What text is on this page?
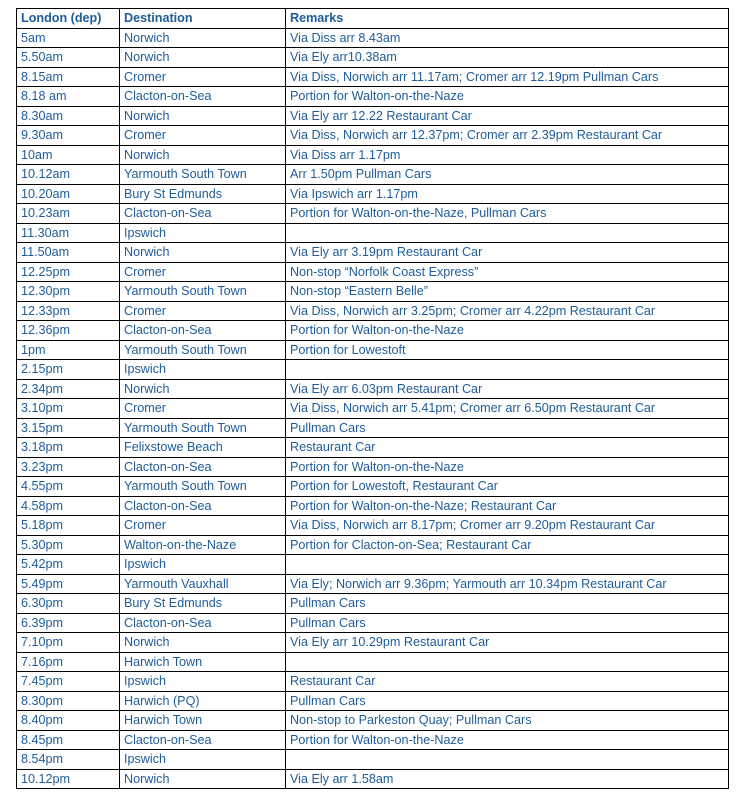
London (dep)	Destination	Remarks
5am	Norwich	Via Diss arr 8.43am
5.50am	Norwich	Via Ely arr10.38am
8.15am	Cromer	Via Diss, Norwich arr 11.17am; Cromer arr 12.19pm Pullman Cars
8.18 am	Clacton-on-Sea	Portion for Walton-on-the-Naze
8.30am	Norwich	Via Ely arr 12.22 Restaurant Car
9.30am	Cromer	Via Diss, Norwich arr 12.37pm; Cromer arr 2.39pm Restaurant Car
10am	Norwich	Via Diss arr 1.17pm
10.12am	Yarmouth South Town	Arr 1.50pm Pullman Cars
10.20am	Bury St Edmunds	Via Ipswich arr 1.17pm
10.23am	Clacton-on-Sea	Portion for Walton-on-the-Naze, Pullman Cars
11.30am	Ipswich	
11.50am	Norwich	Via Ely arr 3.19pm Restaurant Car
12.25pm	Cromer	Non-stop “Norfolk Coast Express”
12.30pm	Yarmouth South Town	Non-stop “Eastern Belle”
12.33pm	Cromer	Via Diss, Norwich arr 3.25pm; Cromer arr 4.22pm Restaurant Car
12.36pm	Clacton-on-Sea	Portion for Walton-on-the-Naze
1pm	Yarmouth South Town	Portion for Lowestoft
2.15pm	Ipswich	
2.34pm	Norwich	Via Ely arr 6.03pm Restaurant Car
3.10pm	Cromer	Via Diss, Norwich arr 5.41pm; Cromer arr 6.50pm Restaurant Car
3.15pm	Yarmouth South Town	Pullman Cars
3.18pm	Felixstowe Beach	Restaurant Car
3.23pm	Clacton-on-Sea	Portion for Walton-on-the-Naze
4.55pm	Yarmouth South Town	Portion for Lowestoft, Restaurant Car
4.58pm	Clacton-on-Sea	Portion for Walton-on-the-Naze; Restaurant Car
5.18pm	Cromer	Via Diss, Norwich arr 8.17pm; Cromer arr 9.20pm Restaurant Car
5.30pm	Walton-on-the-Naze	Portion for Clacton-on-Sea; Restaurant Car
5.42pm	Ipswich	
5.49pm	Yarmouth Vauxhall	Via Ely; Norwich arr 9.36pm; Yarmouth arr 10.34pm Restaurant Car
6.30pm	Bury St Edmunds	Pullman Cars
6.39pm	Clacton-on-Sea	Pullman Cars
7.10pm	Norwich	Via Ely arr 10.29pm Restaurant Car
7.16pm	Harwich Town	
7.45pm	Ipswich	Restaurant Car
8.30pm	Harwich (PQ)	Pullman Cars
8.40pm	Harwich Town	Non-stop to Parkeston Quay; Pullman Cars
8.45pm	Clacton-on-Sea	Portion for Walton-on-the-Naze
8.54pm	Ipswich	
10.12pm	Norwich	Via Ely arr 1.58am
